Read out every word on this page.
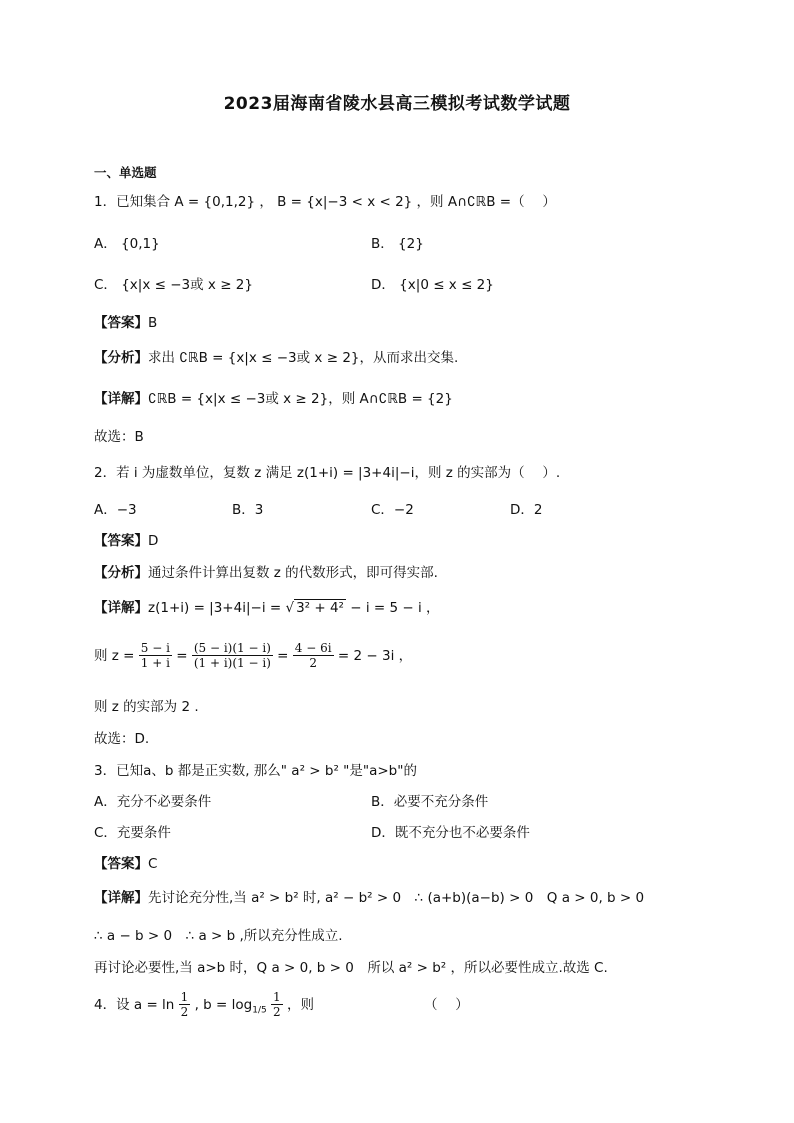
2023届海南省陵水县高三模拟考试数学试题
一、单选题
1．已知集合 A = {0,1,2} ， B = {x|−3 < x < 2} ，则 A∩∁ℝB =（　 ）
A． {0,1}	B． {2}
C． {x|x ≤ −3或 x ≥ 2}	D． {x|0 ≤ x ≤ 2}
【答案】B
【分析】求出 ∁ℝB = {x|x ≤ −3或 x ≥ 2}，从而求出交集.
【详解】∁ℝB = {x|x ≤ −3或 x ≥ 2}，则 A∩∁ℝB = {2}
故选：B
2．若 i 为虚数单位，复数 z 满足 z(1+i) = |3+4i|−i，则 z 的实部为（　 ）.
A．−3	B．3	C．−2	D．2
【答案】D
【分析】通过条件计算出复数 z 的代数形式，即可得实部.
【详解】z(1+i) = |3+4i|−i = √ 3² + 4² − i = 5 − i ，
则 $z = \frac{5 - i}{1 + i} = \frac{(5 - i)(1 - i)}{(1 + i)(1 - i)} = \frac{4 - 6i}{2} = 2 - 3i$ ，
则 z 的实部为 2 .
故选：D.
3．已知a、b 都是正实数, 那么" a² > b² "是"a>b"的
A．充分不必要条件	B．必要不充分条件
C．充要条件	D．既不充分也不必要条件
【答案】C
【详解】先讨论充分性,当 a² > b² 时, a² − b² > 0　∴ (a+b)(a−b) > 0　Q a > 0, b > 0
∴ a − b > 0　∴ a > b ,所以充分性成立.
再讨论必要性,当 a>b 时，Q a > 0, b > 0　所以 a² > b² ，所以必要性成立.故选 C.
4．设 $a = \ln \frac{1}{2}$ , $b = \log_{1/5} \frac{1}{2}$ ，则	（　 ）
